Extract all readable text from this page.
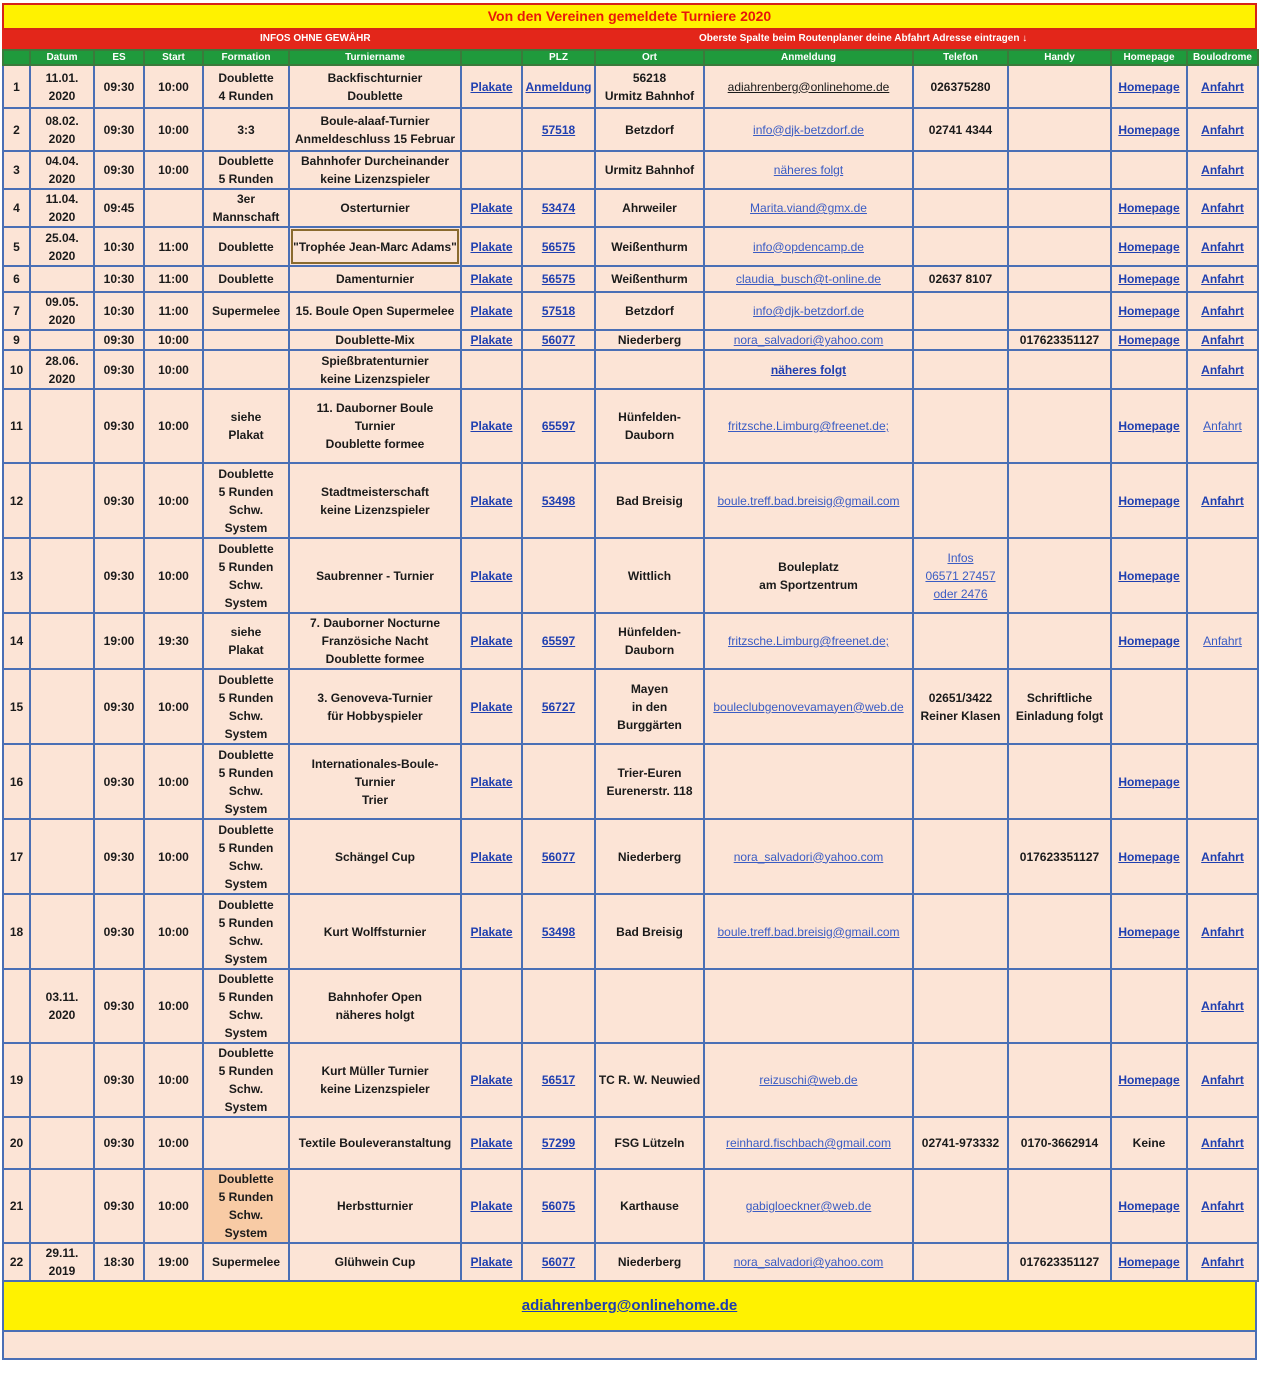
Von den Vereinen gemeldete Turniere 2020
INFOS OHNE GEWÄHR	Oberste Spalte beim Routenplaner deine Abfahrt Adresse eintragen ↓
	Datum	ES	Start	Formation	Turniername		PLZ	Ort	Anmeldung	Telefon	Handy	Homepage	Boulodrome
1	11.01.
2020	09:30	10:00	Doublette
4 Runden	Backfischturnier
Doublette	Plakate	Anmeldung	56218
Urmitz Bahnhof	adiahrenberg@onlinehome.de	026375280		Homepage	Anfahrt
2	08.02.
2020	09:30	10:00	3:3	Boule-alaaf-Turnier
Anmeldeschluss 15 Februar		57518	Betzdorf	info@djk-betzdorf.de	02741 4344		Homepage	Anfahrt
3	04.04.
2020	09:30	10:00	Doublette
5 Runden	Bahnhofer Durcheinander
keine Lizenzspieler			Urmitz Bahnhof	näheres folgt				Anfahrt
4	11.04.
2020	09:45		3er
Mannschaft	Osterturnier	Plakate	53474	Ahrweiler	Marita.viand@gmx.de			Homepage	Anfahrt
5	25.04.
2020	10:30	11:00	Doublette	"Trophée Jean-Marc Adams"	Plakate	56575	Weißenthurm	info@opdencamp.de			Homepage	Anfahrt
6		10:30	11:00	Doublette	Damenturnier	Plakate	56575	Weißenthurm	claudia_busch@t-online.de	02637 8107		Homepage	Anfahrt
7	09.05.
2020	10:30	11:00	Supermelee	15. Boule Open Supermelee	Plakate	57518	Betzdorf	info@djk-betzdorf.de			Homepage	Anfahrt
9		09:30	10:00		Doublette-Mix	Plakate	56077	Niederberg	nora_salvadori@yahoo.com		017623351127	Homepage	Anfahrt
10	28.06.
2020	09:30	10:00		Spießbratenturnier
keine Lizenzspieler				näheres folgt				Anfahrt
11		09:30	10:00	siehe
Plakat	11. Dauborner Boule
Turnier
Doublette formee	Plakate	65597	Hünfelden-
Dauborn	fritzsche.Limburg@freenet.de;			Homepage	Anfahrt
12		09:30	10:00	Doublette
5 Runden
Schw.
System	Stadtmeisterschaft
keine Lizenzspieler	Plakate	53498	Bad Breisig	boule.treff.bad.breisig@gmail.com			Homepage	Anfahrt
13		09:30	10:00	Doublette
5 Runden
Schw.
System	Saubrenner - Turnier	Plakate		Wittlich	Bouleplatz
am Sportzentrum	Infos
06571 27457
oder 2476		Homepage	
14		19:00	19:30	siehe
Plakat	7. Dauborner Nocturne
Französiche Nacht
Doublette formee	Plakate	65597	Hünfelden-
Dauborn	fritzsche.Limburg@freenet.de;			Homepage	Anfahrt
15		09:30	10:00	Doublette
5 Runden
Schw.
System	3. Genoveva-Turnier
für Hobbyspieler	Plakate	56727	Mayen
in den
Burggärten	bouleclubgenovevamayen@web.de	02651/3422
Reiner Klasen	Schriftliche
Einladung folgt		
16		09:30	10:00	Doublette
5 Runden
Schw.
System	Internationales-Boule-
Turnier
Trier	Plakate		Trier-Euren
Eurenerstr. 118				Homepage	
17		09:30	10:00	Doublette
5 Runden
Schw.
System	Schängel Cup	Plakate	56077	Niederberg	nora_salvadori@yahoo.com		017623351127	Homepage	Anfahrt
18		09:30	10:00	Doublette
5 Runden
Schw.
System	Kurt Wolffsturnier	Plakate	53498	Bad Breisig	boule.treff.bad.breisig@gmail.com			Homepage	Anfahrt
	03.11.
2020	09:30	10:00	Doublette
5 Runden
Schw.
System	Bahnhofer Open
näheres holgt								Anfahrt
19		09:30	10:00	Doublette
5 Runden
Schw.
System	Kurt Müller Turnier
keine Lizenzspieler	Plakate	56517	TC R. W. Neuwied	reizuschi@web.de			Homepage	Anfahrt
20		09:30	10:00		Textile Bouleveranstaltung	Plakate	57299	FSG Lützeln	reinhard.fischbach@gmail.com	02741-973332	0170-3662914	Keine	Anfahrt
21		09:30	10:00	Doublette
5 Runden
Schw.
System	Herbstturnier	Plakate	56075	Karthause	gabigloeckner@web.de			Homepage	Anfahrt
22	29.11.
2019	18:30	19:00	Supermelee	Glühwein Cup	Plakate	56077	Niederberg	nora_salvadori@yahoo.com		017623351127	Homepage	Anfahrt
adiahrenberg@onlinehome.de
